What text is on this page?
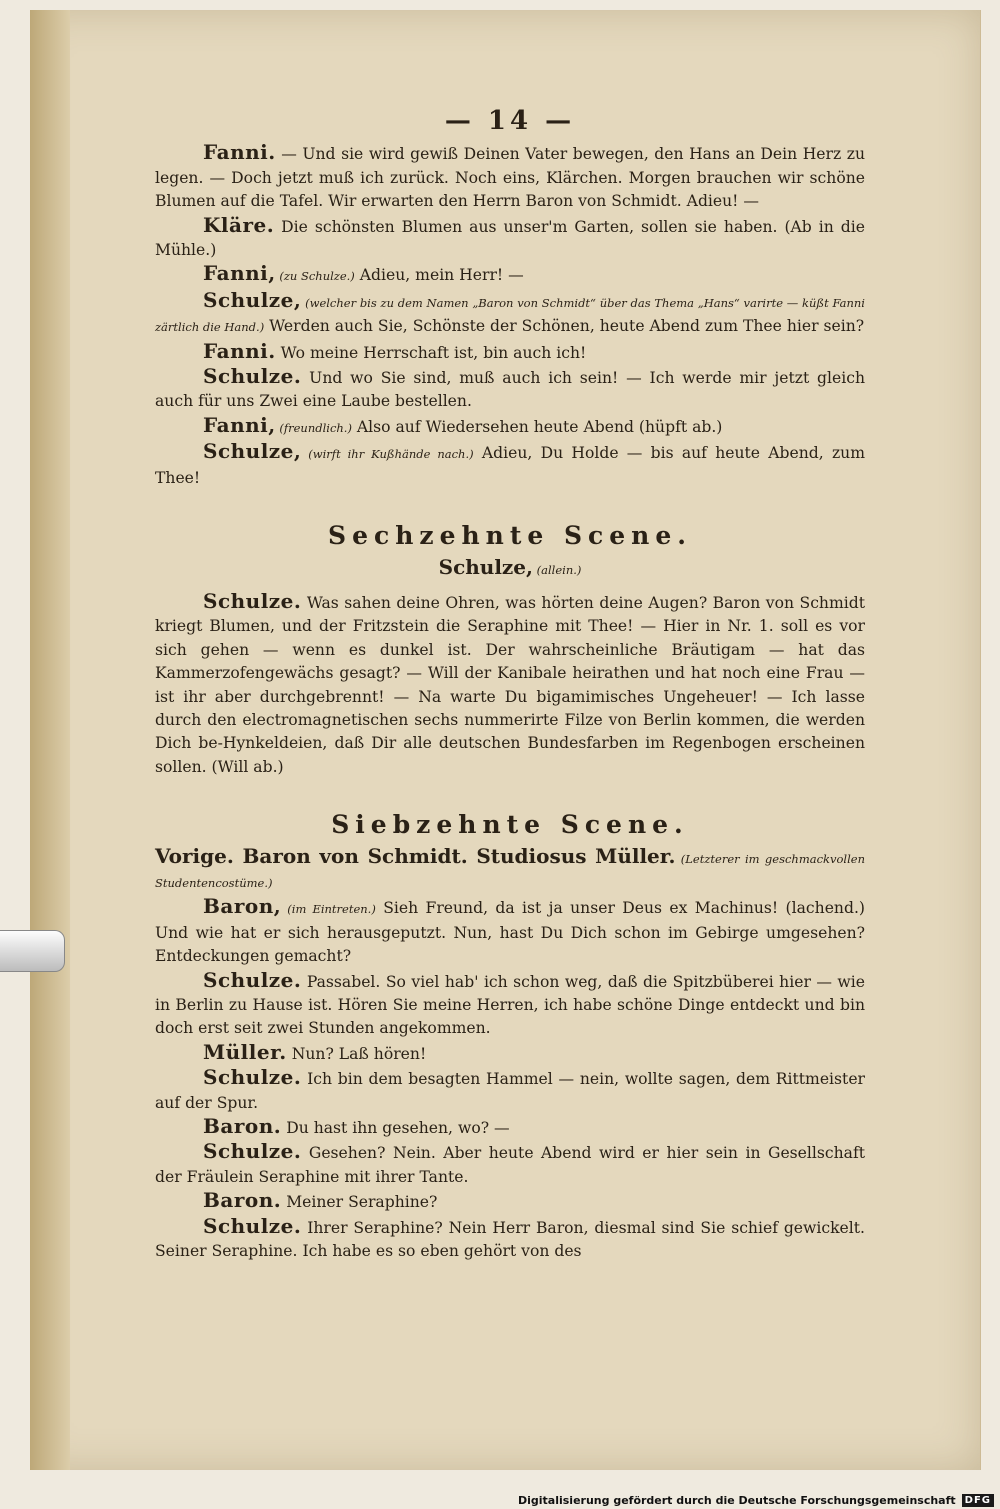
— 14 —

Fanni. — Und sie wird gewiß Deinen Vater bewegen, den Hans an Dein Herz zu legen. — Doch jetzt muß ich zurück. Noch eins, Klärchen. Morgen brauchen wir schöne Blumen auf die Tafel. Wir erwarten den Herrn Baron von Schmidt. Adieu! —

Kläre. Die schönsten Blumen aus unser'm Garten, sollen sie haben. (Ab in die Mühle.)

Fanni, (zu Schulze.) Adieu, mein Herr! —

Schulze, (welcher bis zu dem Namen „Baron von Schmidt“ über das Thema „Hans“ varirte — küßt Fanni zärtlich die Hand.) Werden auch Sie, Schönste der Schönen, heute Abend zum Thee hier sein?

Fanni. Wo meine Herrschaft ist, bin auch ich!

Schulze. Und wo Sie sind, muß auch ich sein! — Ich werde mir jetzt gleich auch für uns Zwei eine Laube bestellen.

Fanni, (freundlich.) Also auf Wiedersehen heute Abend (hüpft ab.)

Schulze, (wirft ihr Kußhände nach.) Adieu, Du Holde — bis auf heute Abend, zum Thee!

Sechzehnte Scene.
Schulze, (allein.)

Schulze. Was sahen deine Ohren, was hörten deine Augen? Baron von Schmidt kriegt Blumen, und der Fritzstein die Seraphine mit Thee! — Hier in Nr. 1. soll es vor sich gehen — wenn es dunkel ist. Der wahrscheinliche Bräutigam — hat das Kammerzofengewächs gesagt? — Will der Kanibale heirathen und hat noch eine Frau — ist ihr aber durchgebrennt! — Na warte Du bigamimisches Ungeheuer! — Ich lasse durch den electromagnetischen sechs nummerirte Filze von Berlin kommen, die werden Dich be-Hynkeldeien, daß Dir alle deutschen Bundesfarben im Regenbogen erscheinen sollen. (Will ab.)

Siebzehnte Scene.

Vorige. Baron von Schmidt. Studiosus Müller. (Letzterer im geschmackvollen Studentencostüme.)

Baron, (im Eintreten.) Sieh Freund, da ist ja unser Deus ex Machinus! (lachend.) Und wie hat er sich herausgeputzt. Nun, hast Du Dich schon im Gebirge umgesehen? Entdeckungen gemacht?

Schulze. Passabel. So viel hab' ich schon weg, daß die Spitzbüberei hier — wie in Berlin zu Hause ist. Hören Sie meine Herren, ich habe schöne Dinge entdeckt und bin doch erst seit zwei Stunden angekommen.

Müller. Nun? Laß hören!

Schulze. Ich bin dem besagten Hammel — nein, wollte sagen, dem Rittmeister auf der Spur.

Baron. Du hast ihn gesehen, wo? —

Schulze. Gesehen? Nein. Aber heute Abend wird er hier sein in Gesellschaft der Fräulein Seraphine mit ihrer Tante.

Baron. Meiner Seraphine?

Schulze. Ihrer Seraphine? Nein Herr Baron, diesmal sind Sie schief gewickelt. Seiner Seraphine. Ich habe es so eben gehört von des

Digitalisierung gefördert durch die Deutsche Forschungsgemeinschaft DFG
